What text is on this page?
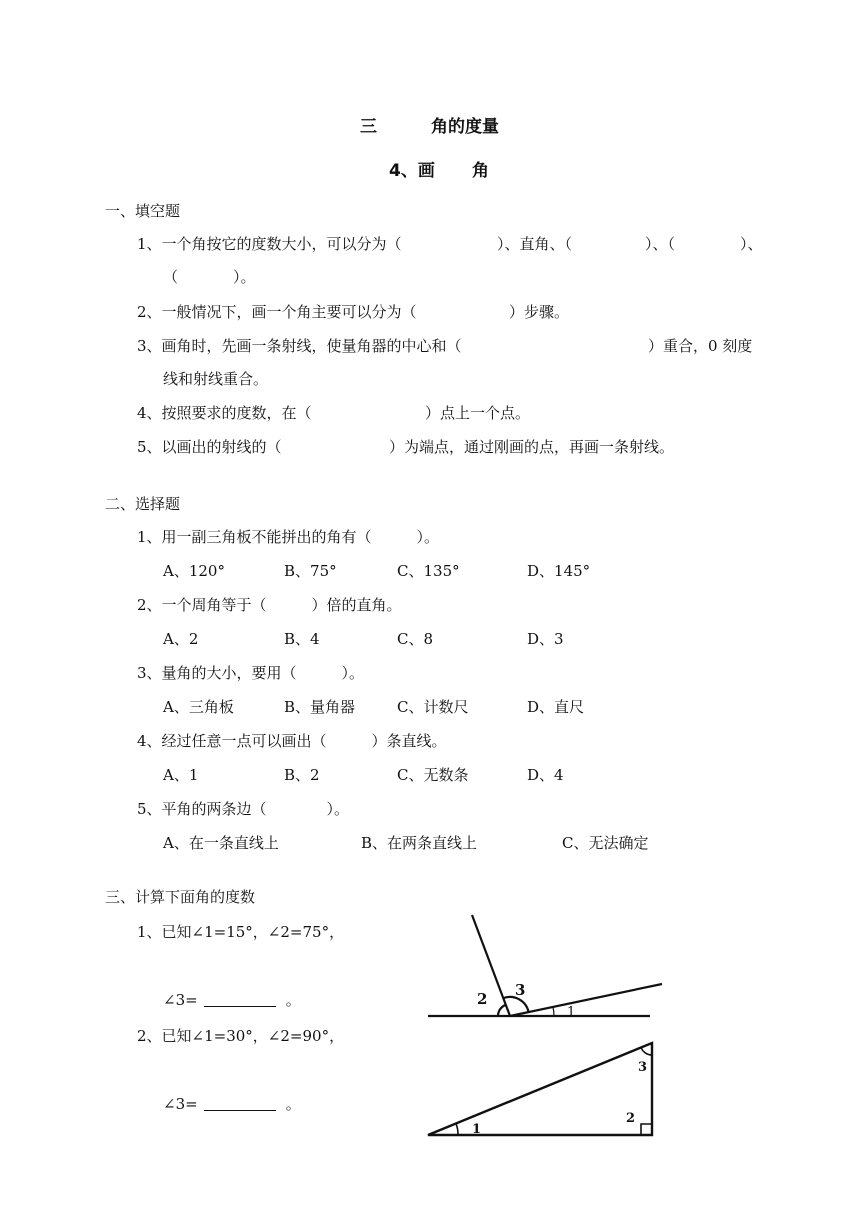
三	角的度量
4、画 角
一、填空题
1、一个角按它的度数大小，可以分为（	）、直角、（	）、（	）、
（	）。
2、一般情况下，画一个角主要可以分为（	）步骤。
3、画角时，先画一条射线，使量角器的中心和（	）重合，0 刻度
线和射线重合。
4、按照要求的度数，在（	）点上一个点。
5、以画出的射线的（	）为端点，通过刚画的点，再画一条射线。
二、选择题
1、用一副三角板不能拼出的角有（　　　）。
A、120°	B、75°	C、135°	D、145°
2、一个周角等于（　　　）倍的直角。
A、2	B、4	C、8	D、3
3、量角的大小，要用（　　　）。
A、三角板	B、量角器	C、计数尺	D、直尺
4、经过任意一点可以画出（　　　）条直线。
A、1	B、2	C、无数条	D、4
5、平角的两条边（　　　　）。
A、在一条直线上	B、在两条直线上	C、无法确定
三、计算下面角的度数
1、已知∠1=15°，∠2=75°，
∠3=	。
2、已知∠1=30°，∠2=90°，
∠3=	。
2 3
1
1
2
3
